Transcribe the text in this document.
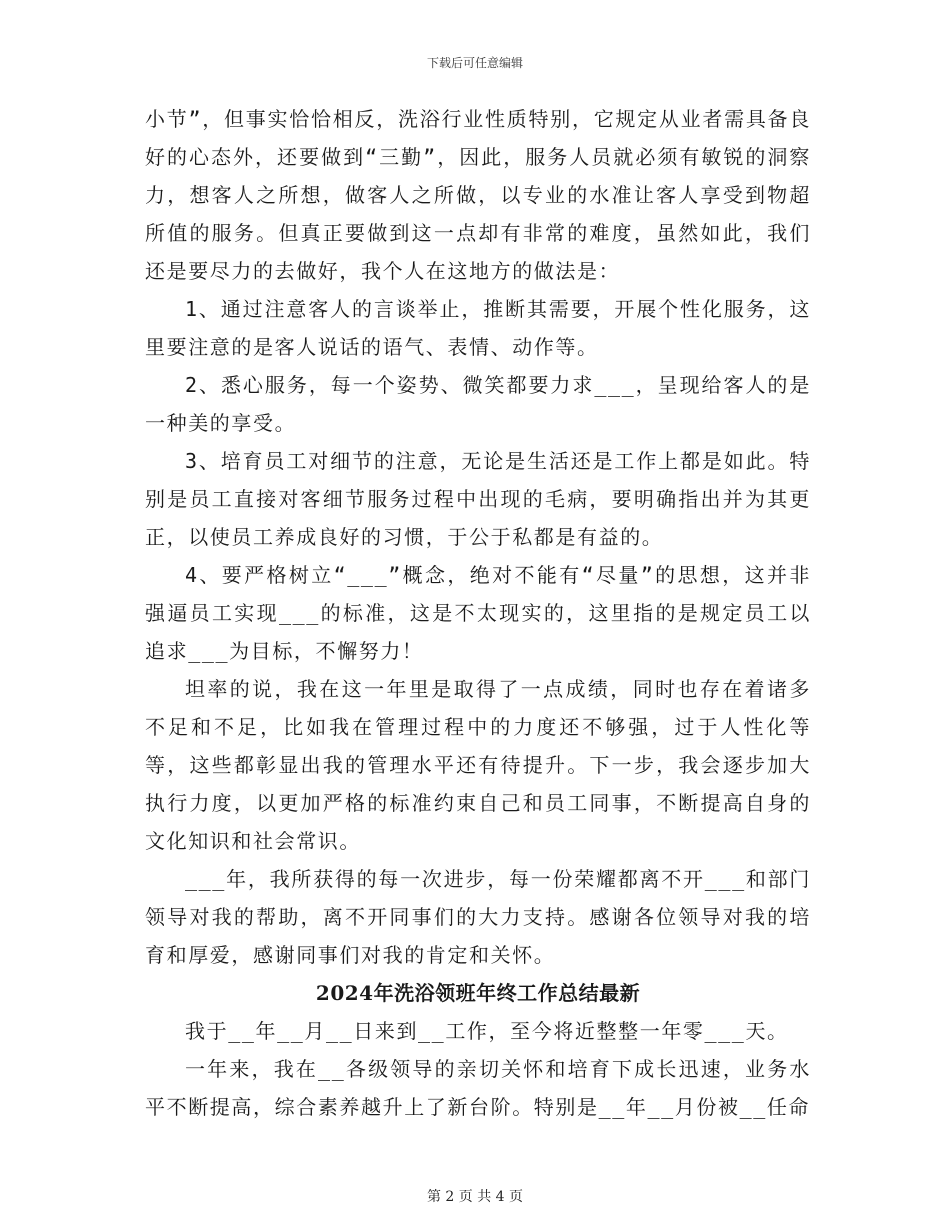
下载后可任意编辑

小节”，但事实恰恰相反，洗浴行业性质特别，它规定从业者需具备良好的心态外，还要做到“三勤”，因此，服务人员就必须有敏锐的洞察力，想客人之所想，做客人之所做，以专业的水准让客人享受到物超所值的服务。但真正要做到这一点却有非常的难度，虽然如此，我们还是要尽力的去做好，我个人在这地方的做法是：

1、通过注意客人的言谈举止，推断其需要，开展个性化服务，这里要注意的是客人说话的语气、表情、动作等。

2、悉心服务，每一个姿势、微笑都要力求___，呈现给客人的是一种美的享受。

3、培育员工对细节的注意，无论是生活还是工作上都是如此。特别是员工直接对客细节服务过程中出现的毛病，要明确指出并为其更正，以使员工养成良好的习惯，于公于私都是有益的。

4、要严格树立“___”概念，绝对不能有“尽量”的思想，这并非强逼员工实现___的标准，这是不太现实的，这里指的是规定员工以追求___为目标，不懈努力！

坦率的说，我在这一年里是取得了一点成绩，同时也存在着诸多不足和不足，比如我在管理过程中的力度还不够强，过于人性化等等，这些都彰显出我的管理水平还有待提升。下一步，我会逐步加大执行力度，以更加严格的标准约束自己和员工同事，不断提高自身的文化知识和社会常识。

___年，我所获得的每一次进步，每一份荣耀都离不开___和部门领导对我的帮助，离不开同事们的大力支持。感谢各位领导对我的培育和厚爱，感谢同事们对我的肯定和关怀。

2024年洗浴领班年终工作总结最新

我于__年__月__日来到__工作，至今将近整整一年零___天。

一年来，我在__各级领导的亲切关怀和培育下成长迅速，业务水平不断提高，综合素养越升上了新台阶。特别是__年__月份被__任命

第 2 页 共 4 页
